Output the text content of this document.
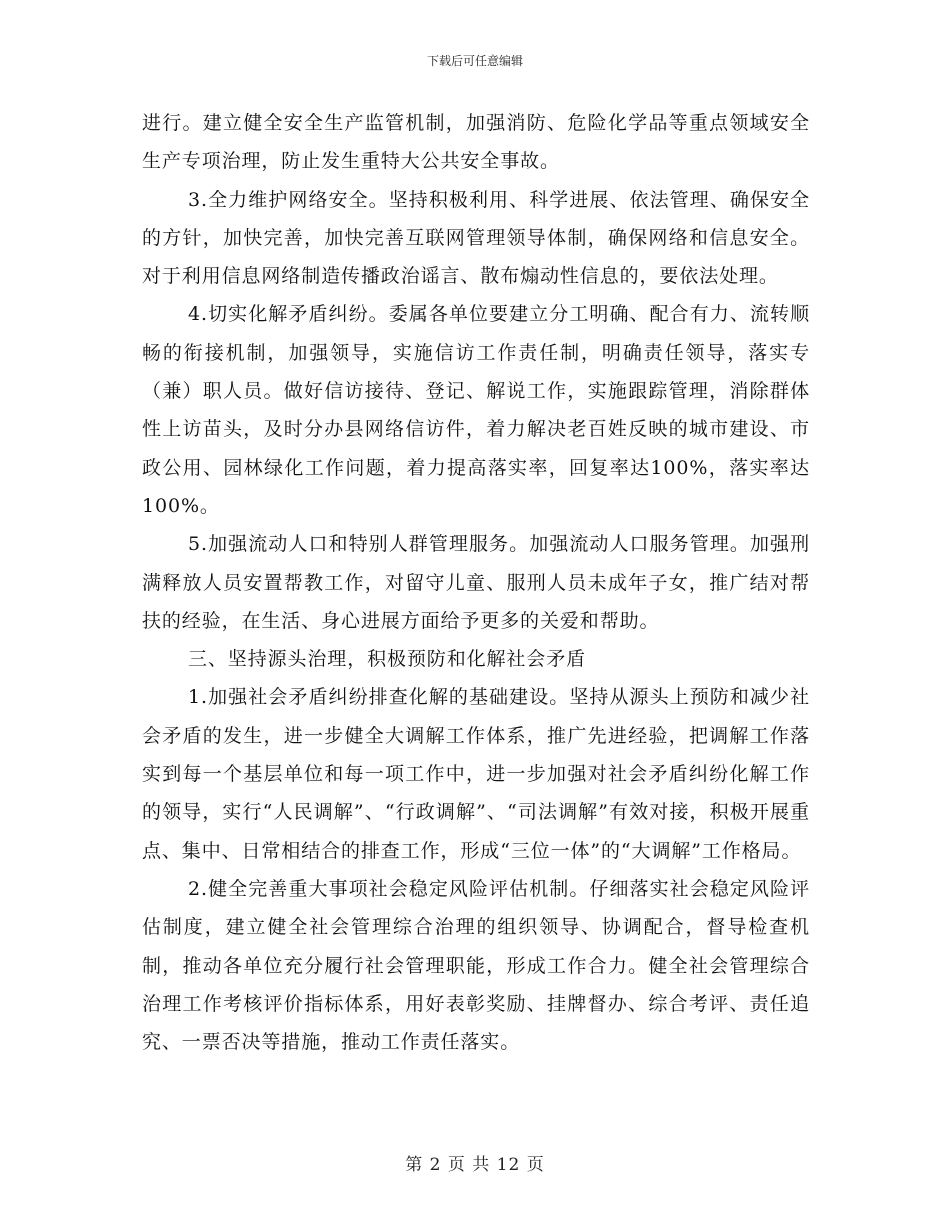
下载后可任意编辑

进行。建立健全安全生产监管机制，加强消防、危险化学品等重点领域安全生产专项治理，防止发生重特大公共安全事故。

3.全力维护网络安全。坚持积极利用、科学进展、依法管理、确保安全的方针，加快完善，加快完善互联网管理领导体制，确保网络和信息安全。对于利用信息网络制造传播政治谣言、散布煽动性信息的，要依法处理。

4.切实化解矛盾纠纷。委属各单位要建立分工明确、配合有力、流转顺畅的衔接机制，加强领导，实施信访工作责任制，明确责任领导，落实专（兼）职人员。做好信访接待、登记、解说工作，实施跟踪管理，消除群体性上访苗头，及时分办县网络信访件，着力解决老百姓反映的城市建设、市政公用、园林绿化工作问题，着力提高落实率，回复率达100%，落实率达100%。

5.加强流动人口和特别人群管理服务。加强流动人口服务管理。加强刑满释放人员安置帮教工作，对留守儿童、服刑人员未成年子女，推广结对帮扶的经验，在生活、身心进展方面给予更多的关爱和帮助。

三、坚持源头治理，积极预防和化解社会矛盾

1.加强社会矛盾纠纷排查化解的基础建设。坚持从源头上预防和减少社会矛盾的发生，进一步健全大调解工作体系，推广先进经验，把调解工作落实到每一个基层单位和每一项工作中，进一步加强对社会矛盾纠纷化解工作的领导，实行“人民调解”、“行政调解”、“司法调解”有效对接，积极开展重点、集中、日常相结合的排查工作，形成“三位一体”的“大调解”工作格局。

2.健全完善重大事项社会稳定风险评估机制。仔细落实社会稳定风险评估制度，建立健全社会管理综合治理的组织领导、协调配合，督导检查机制，推动各单位充分履行社会管理职能，形成工作合力。健全社会管理综合治理工作考核评价指标体系，用好表彰奖励、挂牌督办、综合考评、责任追究、一票否决等措施，推动工作责任落实。

第 2 页 共 12 页
